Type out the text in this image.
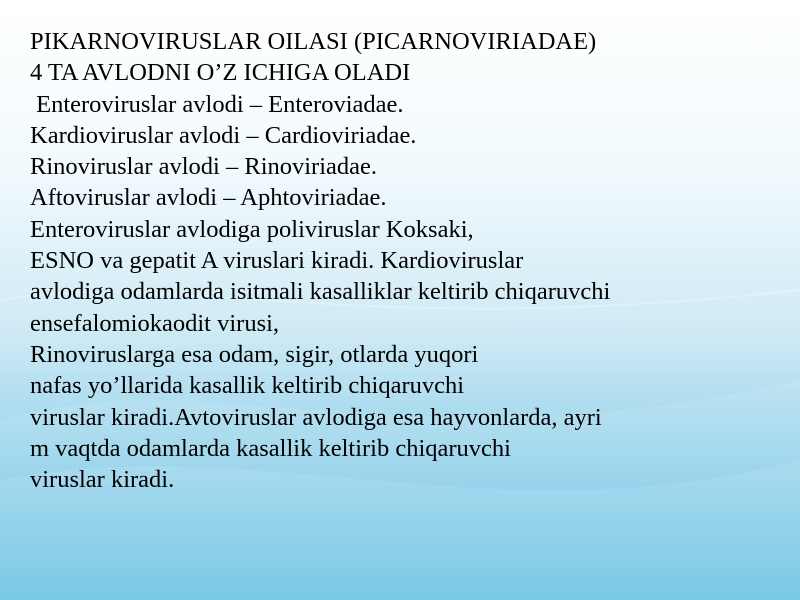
PIKARNOVIRUSLAR OILASI (PICARNOVIRIADAE)
4 TA AVLODNI O’Z ICHIGA OLADI
Enteroviruslar avlodi – Enteroviadae.
Kardioviruslar avlodi – Cardioviriadae.
Rinoviruslar avlodi – Rinoviriadae.
Aftoviruslar avlodi – Aphtoviriadae.
Enteroviruslar avlodiga poliviruslar Koksaki,
ESNO va gepatit A viruslari kiradi. Kardioviruslar
avlodiga odamlarda isitmali kasalliklar keltirib chiqaruvchi
ensefalomiokaodit virusi,
Rinoviruslarga esa odam, sigir, otlarda yuqori
nafas yo’llarida kasallik keltirib chiqaruvchi
viruslar kiradi.Avtoviruslar avlodiga esa hayvonlarda, ayri
m vaqtda odamlarda kasallik keltirib chiqaruvchi
viruslar kiradi.
